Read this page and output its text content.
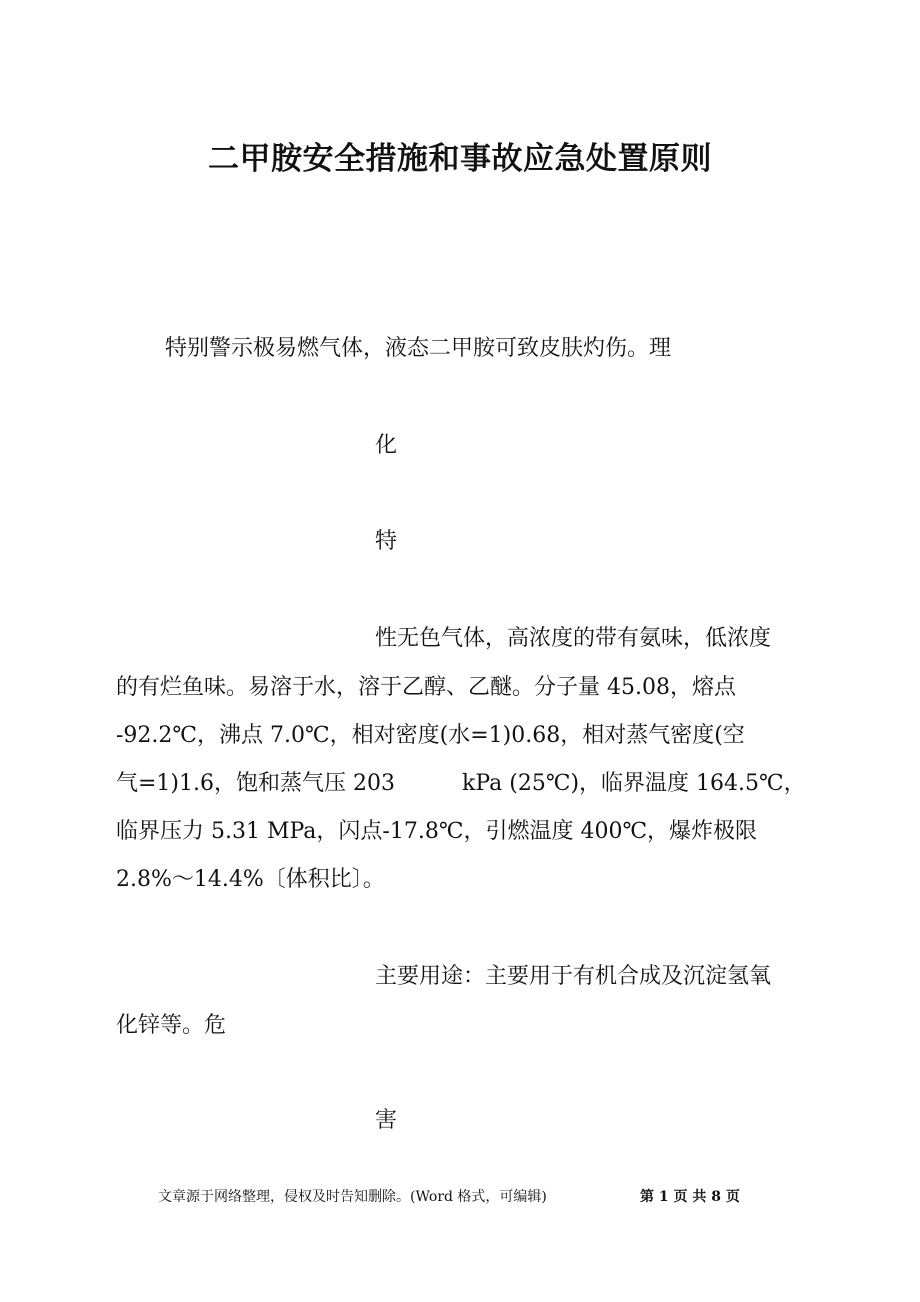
二甲胺安全措施和事故应急处置原则
特别警示极易燃气体，液态二甲胺可致皮肤灼伤。理
化
特
性无色气体，高浓度的带有氨味，低浓度
的有烂鱼味。易溶于水，溶于乙醇、乙醚。分子量 45.08，熔点
-92.2℃，沸点 7.0℃，相对密度(水=1)0.68，相对蒸气密度(空
气=1)1.6，饱和蒸气压 203	kPa (25℃)，临界温度 164.5℃，
临界压力 5.31 MPa，闪点-17.8℃，引燃温度 400℃，爆炸极限
2.8%～14.4%〔体积比〕。
主要用途：主要用于有机合成及沉淀氢氧
化锌等。危
害
文章源于网络整理，侵权及时告知删除。(Word 格式，可编辑)	第 1 页 共 8 页
